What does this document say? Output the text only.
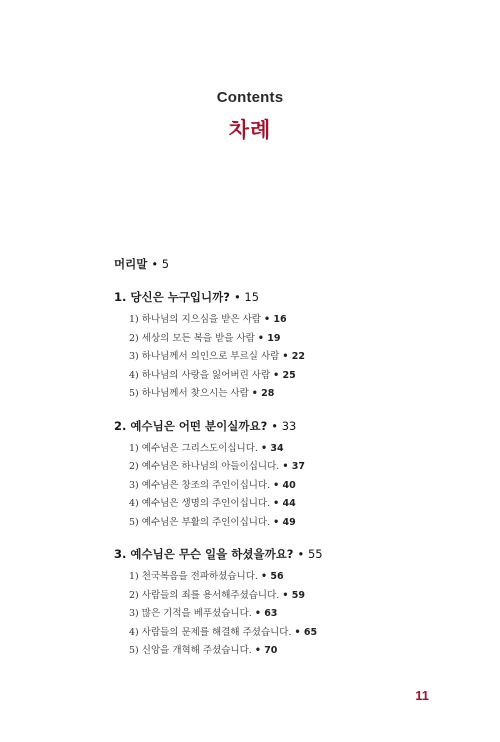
Contents
차례
머리말 • 5
1. 당신은 누구입니까? • 15
1) 하나님의 지으심을 받은 사람 • 16
2) 세상의 모든 복을 받을 사람 • 19
3) 하나님께서 의인으로 부르실 사람 • 22
4) 하나님의 사랑을 잃어버린 사람 • 25
5) 하나님께서 찾으시는 사람 • 28
2. 예수님은 어떤 분이실까요? • 33
1) 예수님은 그리스도이십니다. • 34
2) 예수님은 하나님의 아들이십니다. • 37
3) 예수님은 창조의 주인이십니다. • 40
4) 예수님은 생명의 주인이십니다. • 44
5) 예수님은 부활의 주인이십니다. • 49
3. 예수님은 무슨 일을 하셨을까요? • 55
1) 천국복음을 전파하셨습니다. • 56
2) 사람들의 죄를 용서해주셨습니다. • 59
3) 많은 기적을 베푸셨습니다. • 63
4) 사람들의 문제를 해결해 주셨습니다. • 65
5) 신앙을 개혁해 주셨습니다. • 70
11
